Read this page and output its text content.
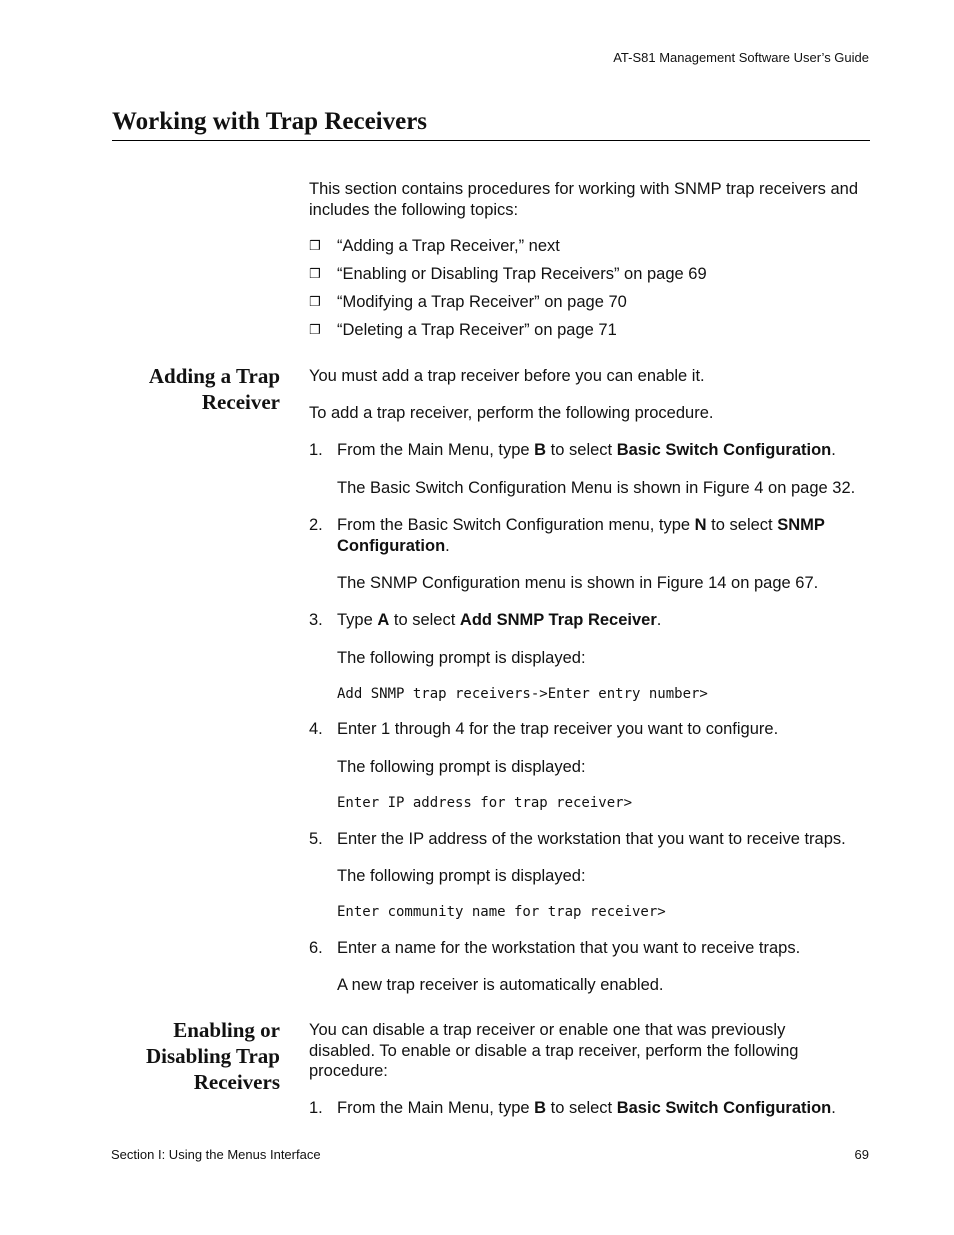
AT-S81 Management Software User’s Guide
Working with Trap Receivers
This section contains procedures for working with SNMP trap receivers and includes the following topics:
❒ “Adding a Trap Receiver,” next
❒ “Enabling or Disabling Trap Receivers” on page 69
❒ “Modifying a Trap Receiver” on page 70
❒ “Deleting a Trap Receiver” on page 71
Adding a Trap
Receiver
You must add a trap receiver before you can enable it.
To add a trap receiver, perform the following procedure.
1. From the Main Menu, type B to select Basic Switch Configuration.
The Basic Switch Configuration Menu is shown in Figure 4 on page 32.
2. From the Basic Switch Configuration menu, type N to select SNMP Configuration.
The SNMP Configuration menu is shown in Figure 14 on page 67.
3. Type A to select Add SNMP Trap Receiver.
The following prompt is displayed:
Add SNMP trap receivers->Enter entry number>
4. Enter 1 through 4 for the trap receiver you want to configure.
The following prompt is displayed:
Enter IP address for trap receiver>
5. Enter the IP address of the workstation that you want to receive traps.
The following prompt is displayed:
Enter community name for trap receiver>
6. Enter a name for the workstation that you want to receive traps.
A new trap receiver is automatically enabled.
Enabling or
Disabling Trap
Receivers
You can disable a trap receiver or enable one that was previously disabled. To enable or disable a trap receiver, perform the following procedure:
1. From the Main Menu, type B to select Basic Switch Configuration.
Section I: Using the Menus Interface	69
